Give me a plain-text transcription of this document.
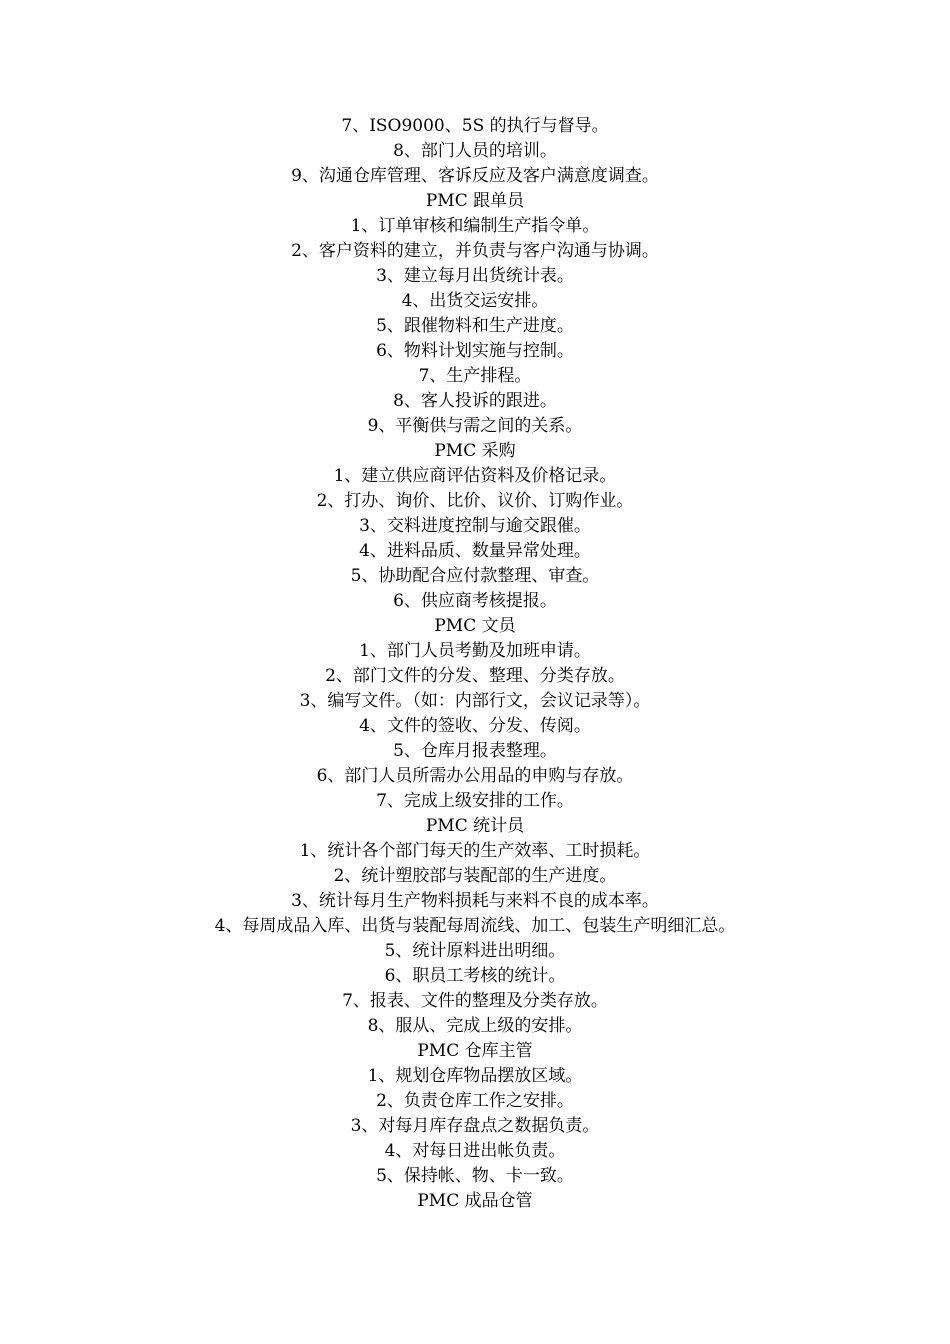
7、ISO9000、5S 的执行与督导。
8、部门人员的培训。
9、沟通仓库管理、客诉反应及客户满意度调查。
PMC 跟单员
1、订单审核和编制生产指令单。
2、客户资料的建立，并负责与客户沟通与协调。
3、建立每月出货统计表。
4、出货交运安排。
5、跟催物料和生产进度。
6、物料计划实施与控制。
7、生产排程。
8、客人投诉的跟进。
9、平衡供与需之间的关系。
PMC 采购
1、建立供应商评估资料及价格记录。
2、打办、询价、比价、议价、订购作业。
3、交料进度控制与逾交跟催。
4、进料品质、数量异常处理。
5、协助配合应付款整理、审查。
6、供应商考核提报。
PMC 文员
1、部门人员考勤及加班申请。
2、部门文件的分发、整理、分类存放。
3、编写文件。（如：内部行文，会议记录等）。
4、文件的签收、分发、传阅。
5、仓库月报表整理。
6、部门人员所需办公用品的申购与存放。
7、完成上级安排的工作。
PMC 统计员
1、统计各个部门每天的生产效率、工时损耗。
2、统计塑胶部与装配部的生产进度。
3、统计每月生产物料损耗与来料不良的成本率。
4、每周成品入库、出货与装配每周流线、加工、包装生产明细汇总。
5、统计原料进出明细。
6、职员工考核的统计。
7、报表、文件的整理及分类存放。
8、服从、完成上级的安排。
PMC 仓库主管
1、规划仓库物品摆放区域。
2、负责仓库工作之安排。
3、对每月库存盘点之数据负责。
4、对每日进出帐负责。
5、保持帐、物、卡一致。
PMC 成品仓管
